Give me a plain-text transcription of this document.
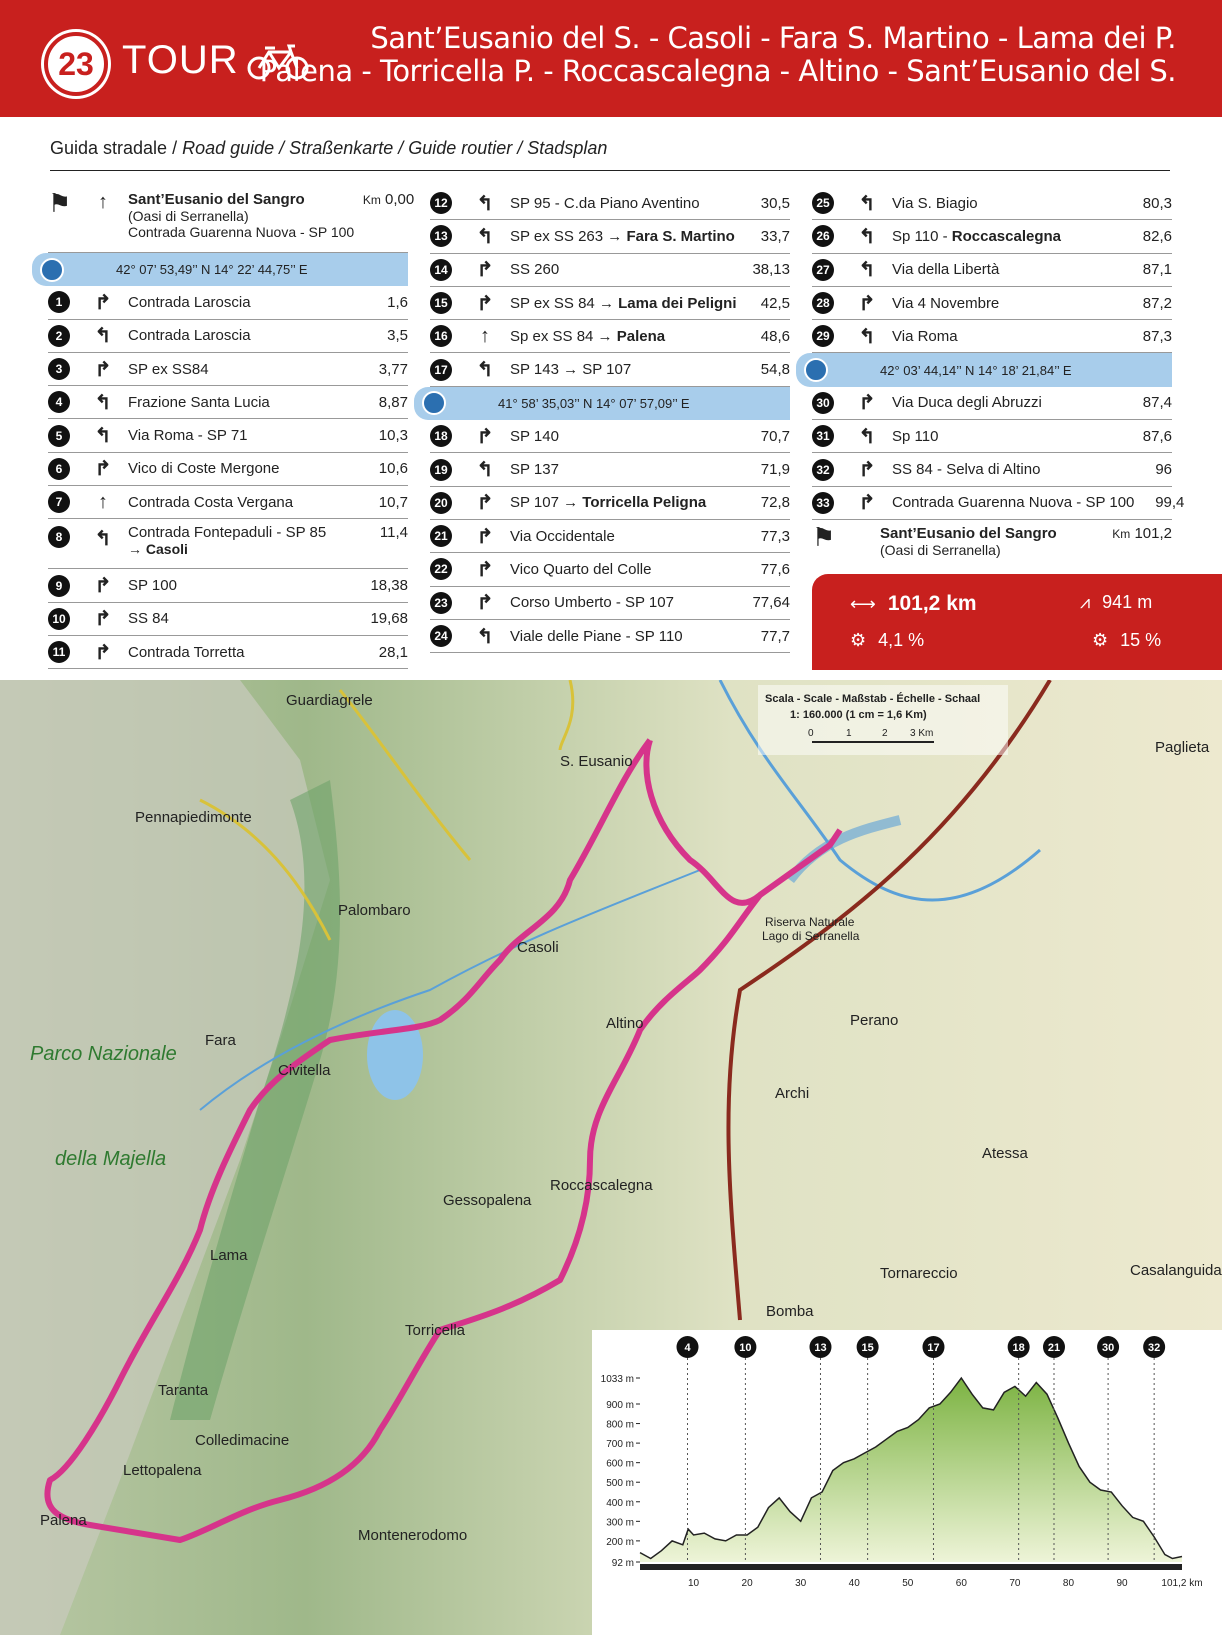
23 TOUR	Sant’Eusanio del S. - Casoli - Fara S. Martino - Lama dei P.
Palena - Torricella P. - Roccascalegna - Altino - Sant’Eusanio del S.
Guida stradale / Road guide / Straßenkarte / Guide routier / Stadsplan
⚑	↑	Sant’Eusanio del Sangro
(Oasi di Serranella)
Contrada Guarenna Nuova - SP 100
Km 0,00
42° 07’ 53,49’’ N 14° 22’ 44,75’’ E
1	↱	Contrada Laroscia	1,6
2	↰	Contrada Laroscia	3,5
3	↱	SP ex SS84	3,77
4	↰	Frazione Santa Lucia	8,87
5	↰	Via Roma - SP 71	10,3
6	↱	Vico di Coste Mergone	10,6
7	↑	Contrada Costa Vergana	10,7
8	↰	Contrada Fontepaduli - SP 85
→ Casoli
11,4
9	↱	SP 100	18,38
10	↱	SS 84	19,68
11	↱	Contrada Torretta	28,1
12	↰	SP 95 - C.da Piano Aventino	30,5
13	↰	SP ex SS 263 → Fara S. Martino	33,7
14	↱	SS 260	38,13
15	↱	SP ex SS 84 → Lama dei Peligni	42,5
16	↑	Sp ex SS 84 → Palena	48,6
17	↰	SP 143 → SP 107	54,8
41° 58’ 35,03’’ N 14° 07’ 57,09’’ E
18	↱	SP 140	70,7
19	↰	SP 137	71,9
20	↱	SP 107 → Torricella Peligna	72,8
21	↱	Via Occidentale	77,3
22	↱	Vico Quarto del Colle	77,6
23	↱	Corso Umberto - SP 107	77,64
24	↰	Viale delle Piane - SP 110	77,7
25	↰	Via S. Biagio	80,3
26	↰	Sp 110 - Roccascalegna	82,6
27	↰	Via della Libertà	87,1
28	↱	Via 4 Novembre	87,2
29	↰	Via Roma	87,3
42° 03’ 44,14’’ N 14° 18’ 21,84’’ E
30	↱	Via Duca degli Abruzzi	87,4
31	↰	Sp 110	87,6
32	↱	SS 84 - Selva di Altino	96
33	↱	Contrada Guarenna Nuova - SP 100	99,4
⚑	Sant’Eusanio del Sangro
(Oasi di Serranella)
Km 101,2
⟷ 101,2 km	⩘ 941 m
⚙ 4,1 %	⚙ 15 %
Guardiagrele
Pennapiedimonte
Palombaro
Casoli
Fara
Civitella
Lama
Taranta
Palena
Lettopalena
Colledimacine
Torricella
Gessopalena
Roccascalegna
Altino
Archi
Perano
Atessa
Tornareccio
Bomba
Casalanguida
Montenerodomo
S. Eusanio
Paglieta
Riserva Naturale
Lago di Serranella
Parco Nazionale
della Majella
Scala - Scale - Maßstab - Échelle - Schaal
1: 160.000 (1 cm = 1,6 Km)
0	1	2 3 Km
92 m
200 m
300 m
400 m
500 m
600 m
700 m
800 m
900 m
1033 m
10	20	30	40	50	60	70	80	90	101,2 km
4	10	13	15	17	18 21	30	32
